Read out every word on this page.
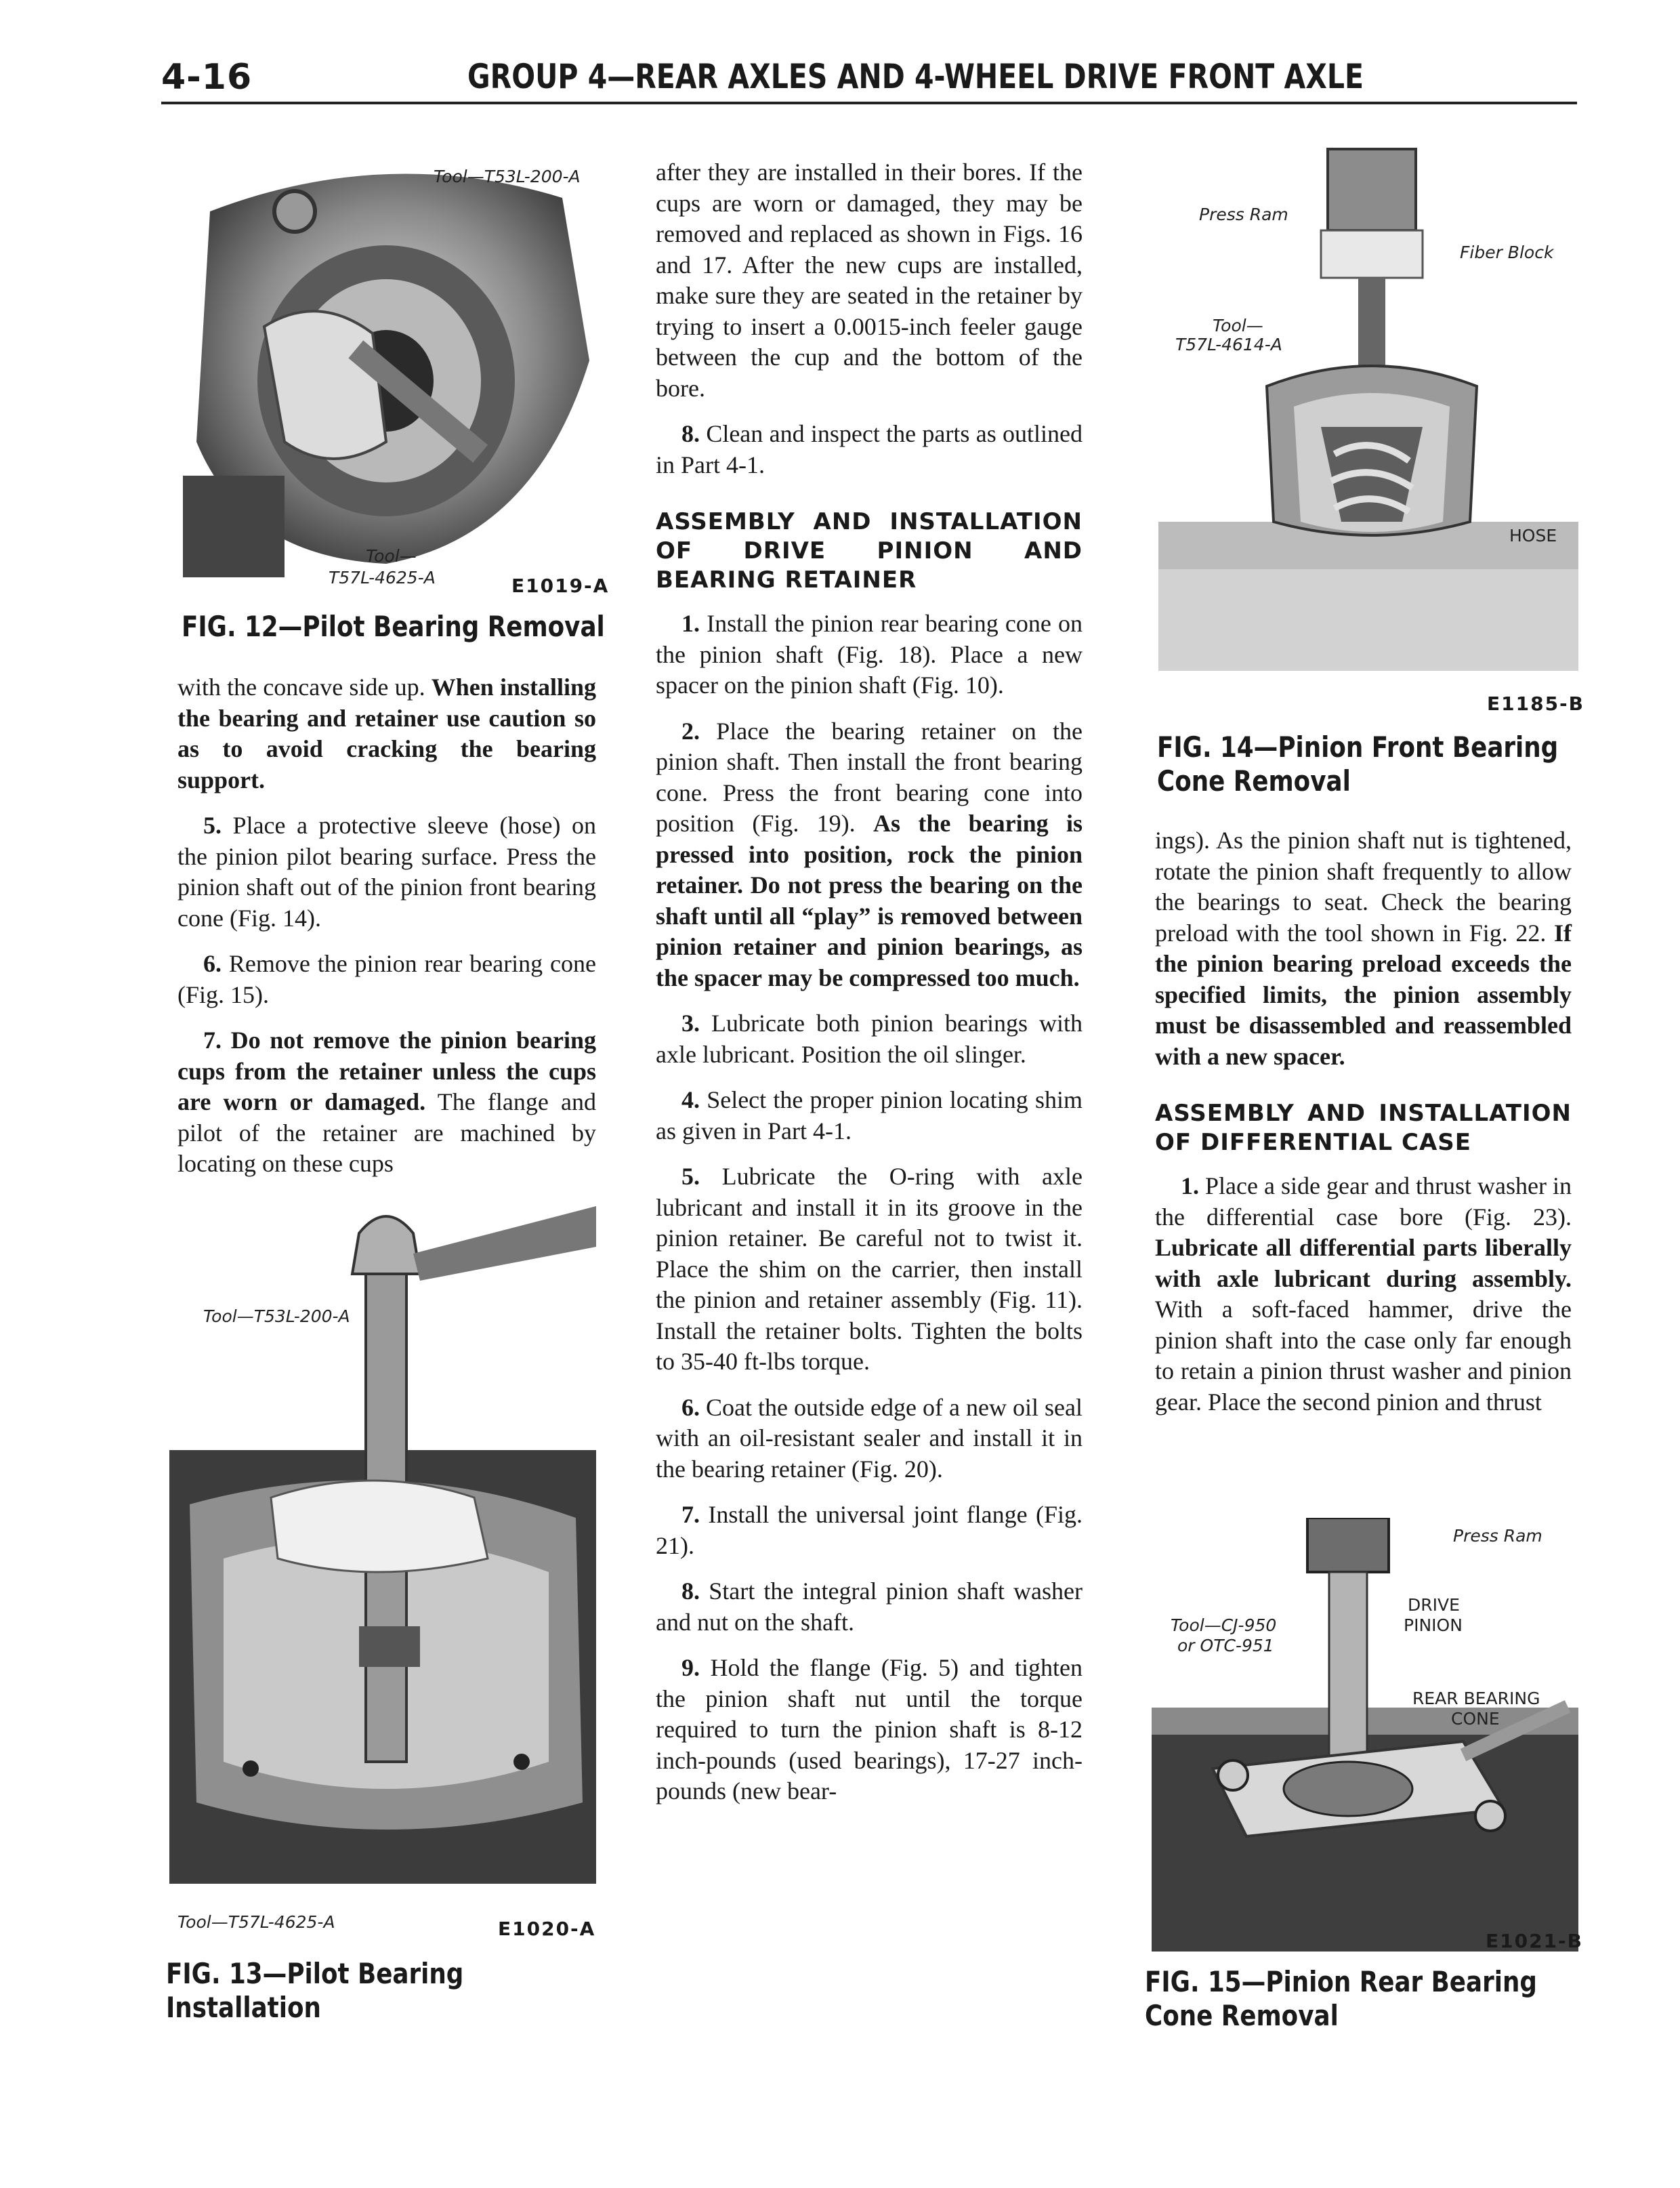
4-16	GROUP 4—REAR AXLES AND 4-WHEEL DRIVE FRONT AXLE
Tool—T53L-200-A
Tool—
T57L-4625-A	E1019-A
FIG. 12—Pilot Bearing Removal

with the concave side up. When installing the bearing and retainer use caution so as to avoid cracking the bearing support.

5. Place a protective sleeve (hose) on the pinion pilot bearing surface. Press the pinion shaft out of the pinion front bearing cone (Fig. 14).

6. Remove the pinion rear bearing cone (Fig. 15).

7. Do not remove the pinion bearing cups from the retainer unless the cups are worn or damaged. The flange and pilot of the retainer are machined by locating on these cups

Tool—T53L-200-A
Tool—T57L-4625-A	E1020-A
FIG. 13—Pilot Bearing
Installation

after they are installed in their bores. If the cups are worn or damaged, they may be removed and replaced as shown in Figs. 16 and 17. After the new cups are installed, make sure they are seated in the retainer by trying to insert a 0.0015-inch feeler gauge between the cup and the bottom of the bore.

8. Clean and inspect the parts as outlined in Part 4-1.

ASSEMBLY AND INSTALLATION OF DRIVE PINION AND BEARING RETAINER

1. Install the pinion rear bearing cone on the pinion shaft (Fig. 18). Place a new spacer on the pinion shaft (Fig. 10).

2. Place the bearing retainer on the pinion shaft. Then install the front bearing cone. Press the front bearing cone into position (Fig. 19). As the bearing is pressed into position, rock the pinion retainer. Do not press the bearing on the shaft until all “play” is removed between pinion retainer and pinion bearings, as the spacer may be compressed too much.

3. Lubricate both pinion bearings with axle lubricant. Position the oil slinger.

4. Select the proper pinion locating shim as given in Part 4-1.

5. Lubricate the O-ring with axle lubricant and install it in its groove in the pinion retainer. Be careful not to twist it. Place the shim on the carrier, then install the pinion and retainer assembly (Fig. 11). Install the retainer bolts. Tighten the bolts to 35-40 ft-lbs torque.

6. Coat the outside edge of a new oil seal with an oil-resistant sealer and install it in the bearing retainer (Fig. 20).

7. Install the universal joint flange (Fig. 21).

8. Start the integral pinion shaft washer and nut on the shaft.

9. Hold the flange (Fig. 5) and tighten the pinion shaft nut until the torque required to turn the pinion shaft is 8-12 inch-pounds (used bearings), 17-27 inch-pounds (new bear-

Press Ram
Fiber Block
Tool—
T57L-4614-A
HOSE
E1185-B
FIG. 14—Pinion Front Bearing
Cone Removal

ings). As the pinion shaft nut is tightened, rotate the pinion shaft frequently to allow the bearings to seat. Check the bearing preload with the tool shown in Fig. 22. If the pinion bearing preload exceeds the specified limits, the pinion assembly must be disassembled and reassembled with a new spacer.

ASSEMBLY AND INSTALLATION OF DIFFERENTIAL CASE

1. Place a side gear and thrust washer in the differential case bore (Fig. 23). Lubricate all differential parts liberally with axle lubricant during assembly. With a soft-faced hammer, drive the pinion shaft into the case only far enough to retain a pinion thrust washer and pinion gear. Place the second pinion and thrust

Press Ram
DRIVE
PINION
Tool—CJ-950
or OTC-951
REAR BEARING
CONE
E1021-B
FIG. 15—Pinion Rear Bearing
Cone Removal
